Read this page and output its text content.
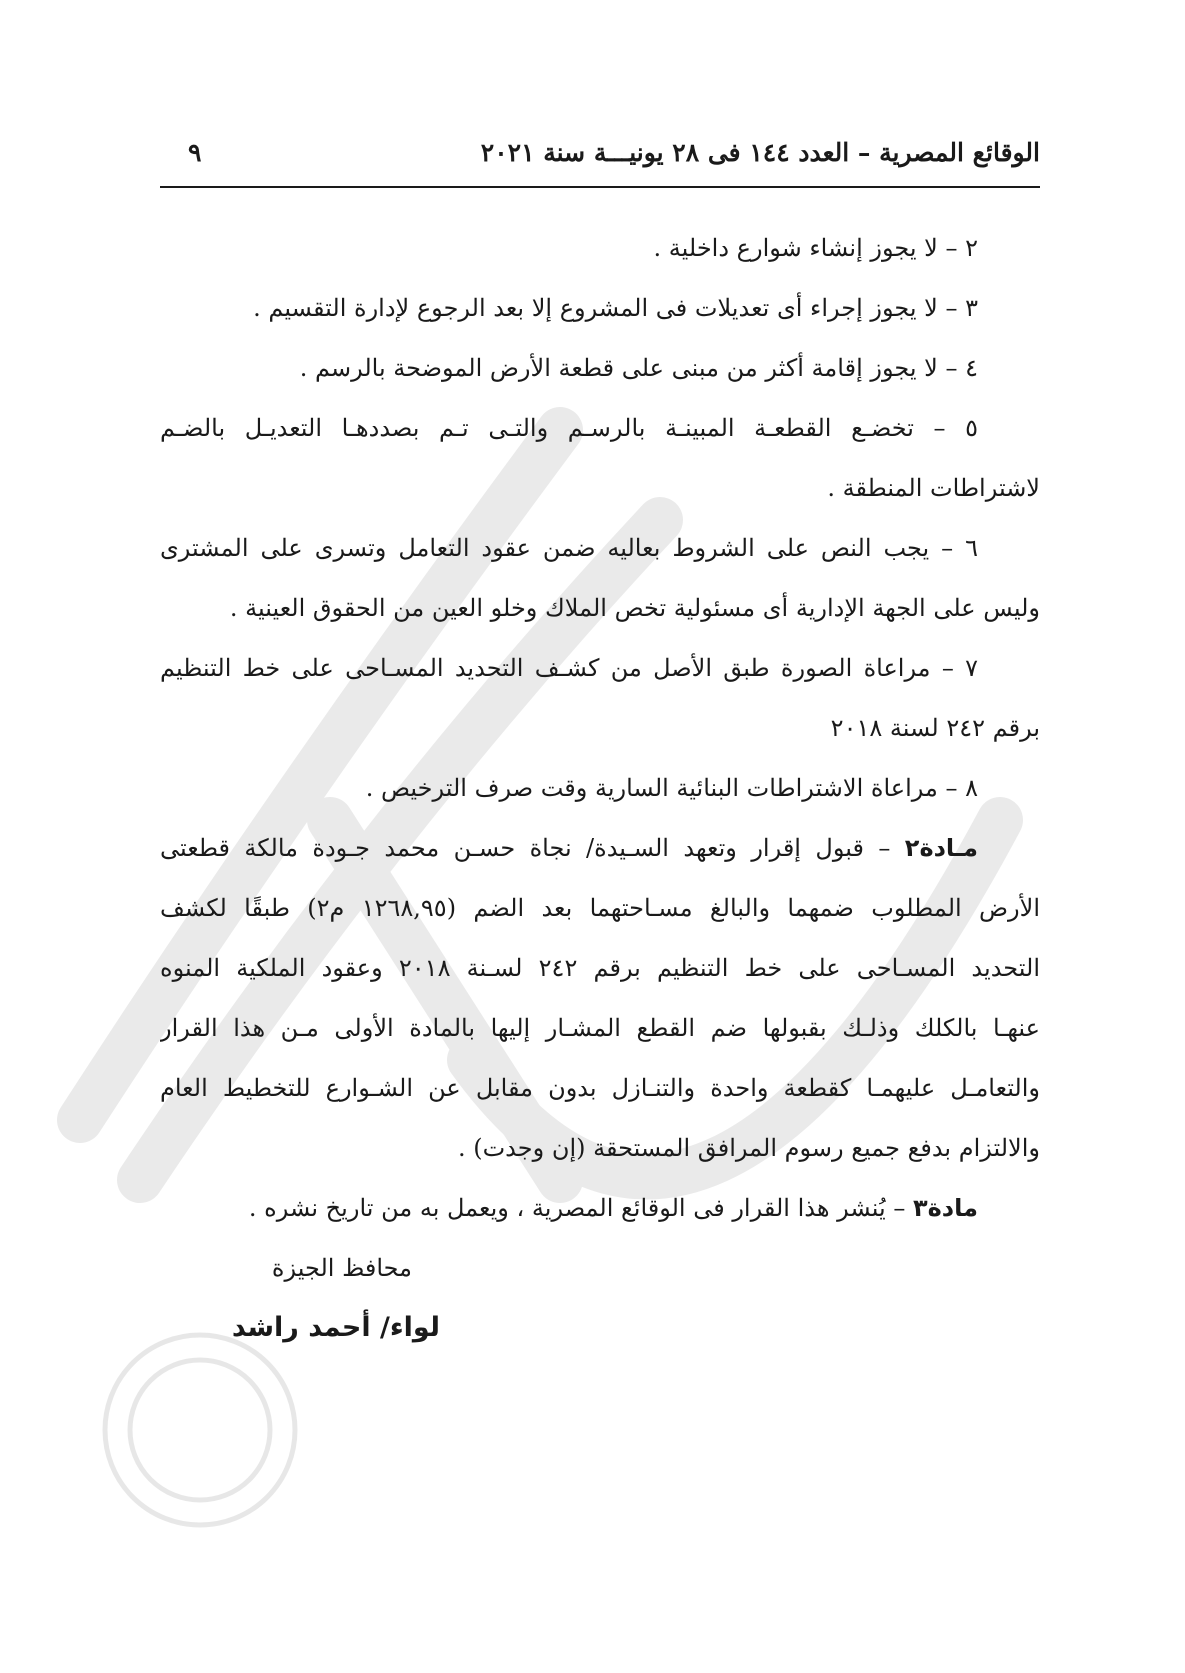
الوقائع المصرية – العدد ١٤٤ فى ٢٨ يونيـــة سنة ٢٠٢١
٩
٢ – لا يجوز إنشاء شوارع داخلية .
٣ – لا يجوز إجراء أى تعديلات فى المشروع إلا بعد الرجوع لإدارة التقسيم .
٤ – لا يجوز إقامة أكثر من مبنى على قطعة الأرض الموضحة بالرسم .
٥ – تخضـع القطعـة المبينـة بالرسـم والتـى تـم بصددهـا التعديـل بالضـم
لاشتراطات المنطقة .
٦ – يجب النص على الشروط بعاليه ضمن عقود التعامل وتسرى على المشترى
وليس على الجهة الإدارية أى مسئولية تخص الملاك وخلو العين من الحقوق العينية .
٧ – مراعاة الصورة طبق الأصل من كشـف التحديد المسـاحى على خط التنظيم
برقم ٢٤٢ لسنة ٢٠١٨
٨ – مراعاة الاشتراطات البنائية السارية وقت صرف الترخيص .
مـادة٢ – قبول إقرار وتعهد السـيدة/ نجاة حسـن محمد جـودة مالكة قطعتى
الأرض المطلوب ضمهما والبالغ مسـاحتهما بعد الضم (١٢٦٨,٩٥ م٢) طبقًا لكشف
التحديد المسـاحى على خط التنظيم برقم ٢٤٢ لسـنة ٢٠١٨ وعقود الملكية المنوه
عنهـا بالكلك وذلـك بقبولها ضم القطع المشـار إليها بالمادة الأولى مـن هذا القرار
والتعامـل عليهمـا كقطعة واحدة والتنـازل بدون مقابل عن الشـوارع للتخطيط العام
والالتزام بدفع جميع رسوم المرافق المستحقة (إن وجدت) .
مادة٣ – يُنشر هذا القرار فى الوقائع المصرية ، ويعمل به من تاريخ نشره .
محافظ الجيزة
لواء/ أحمد راشد
